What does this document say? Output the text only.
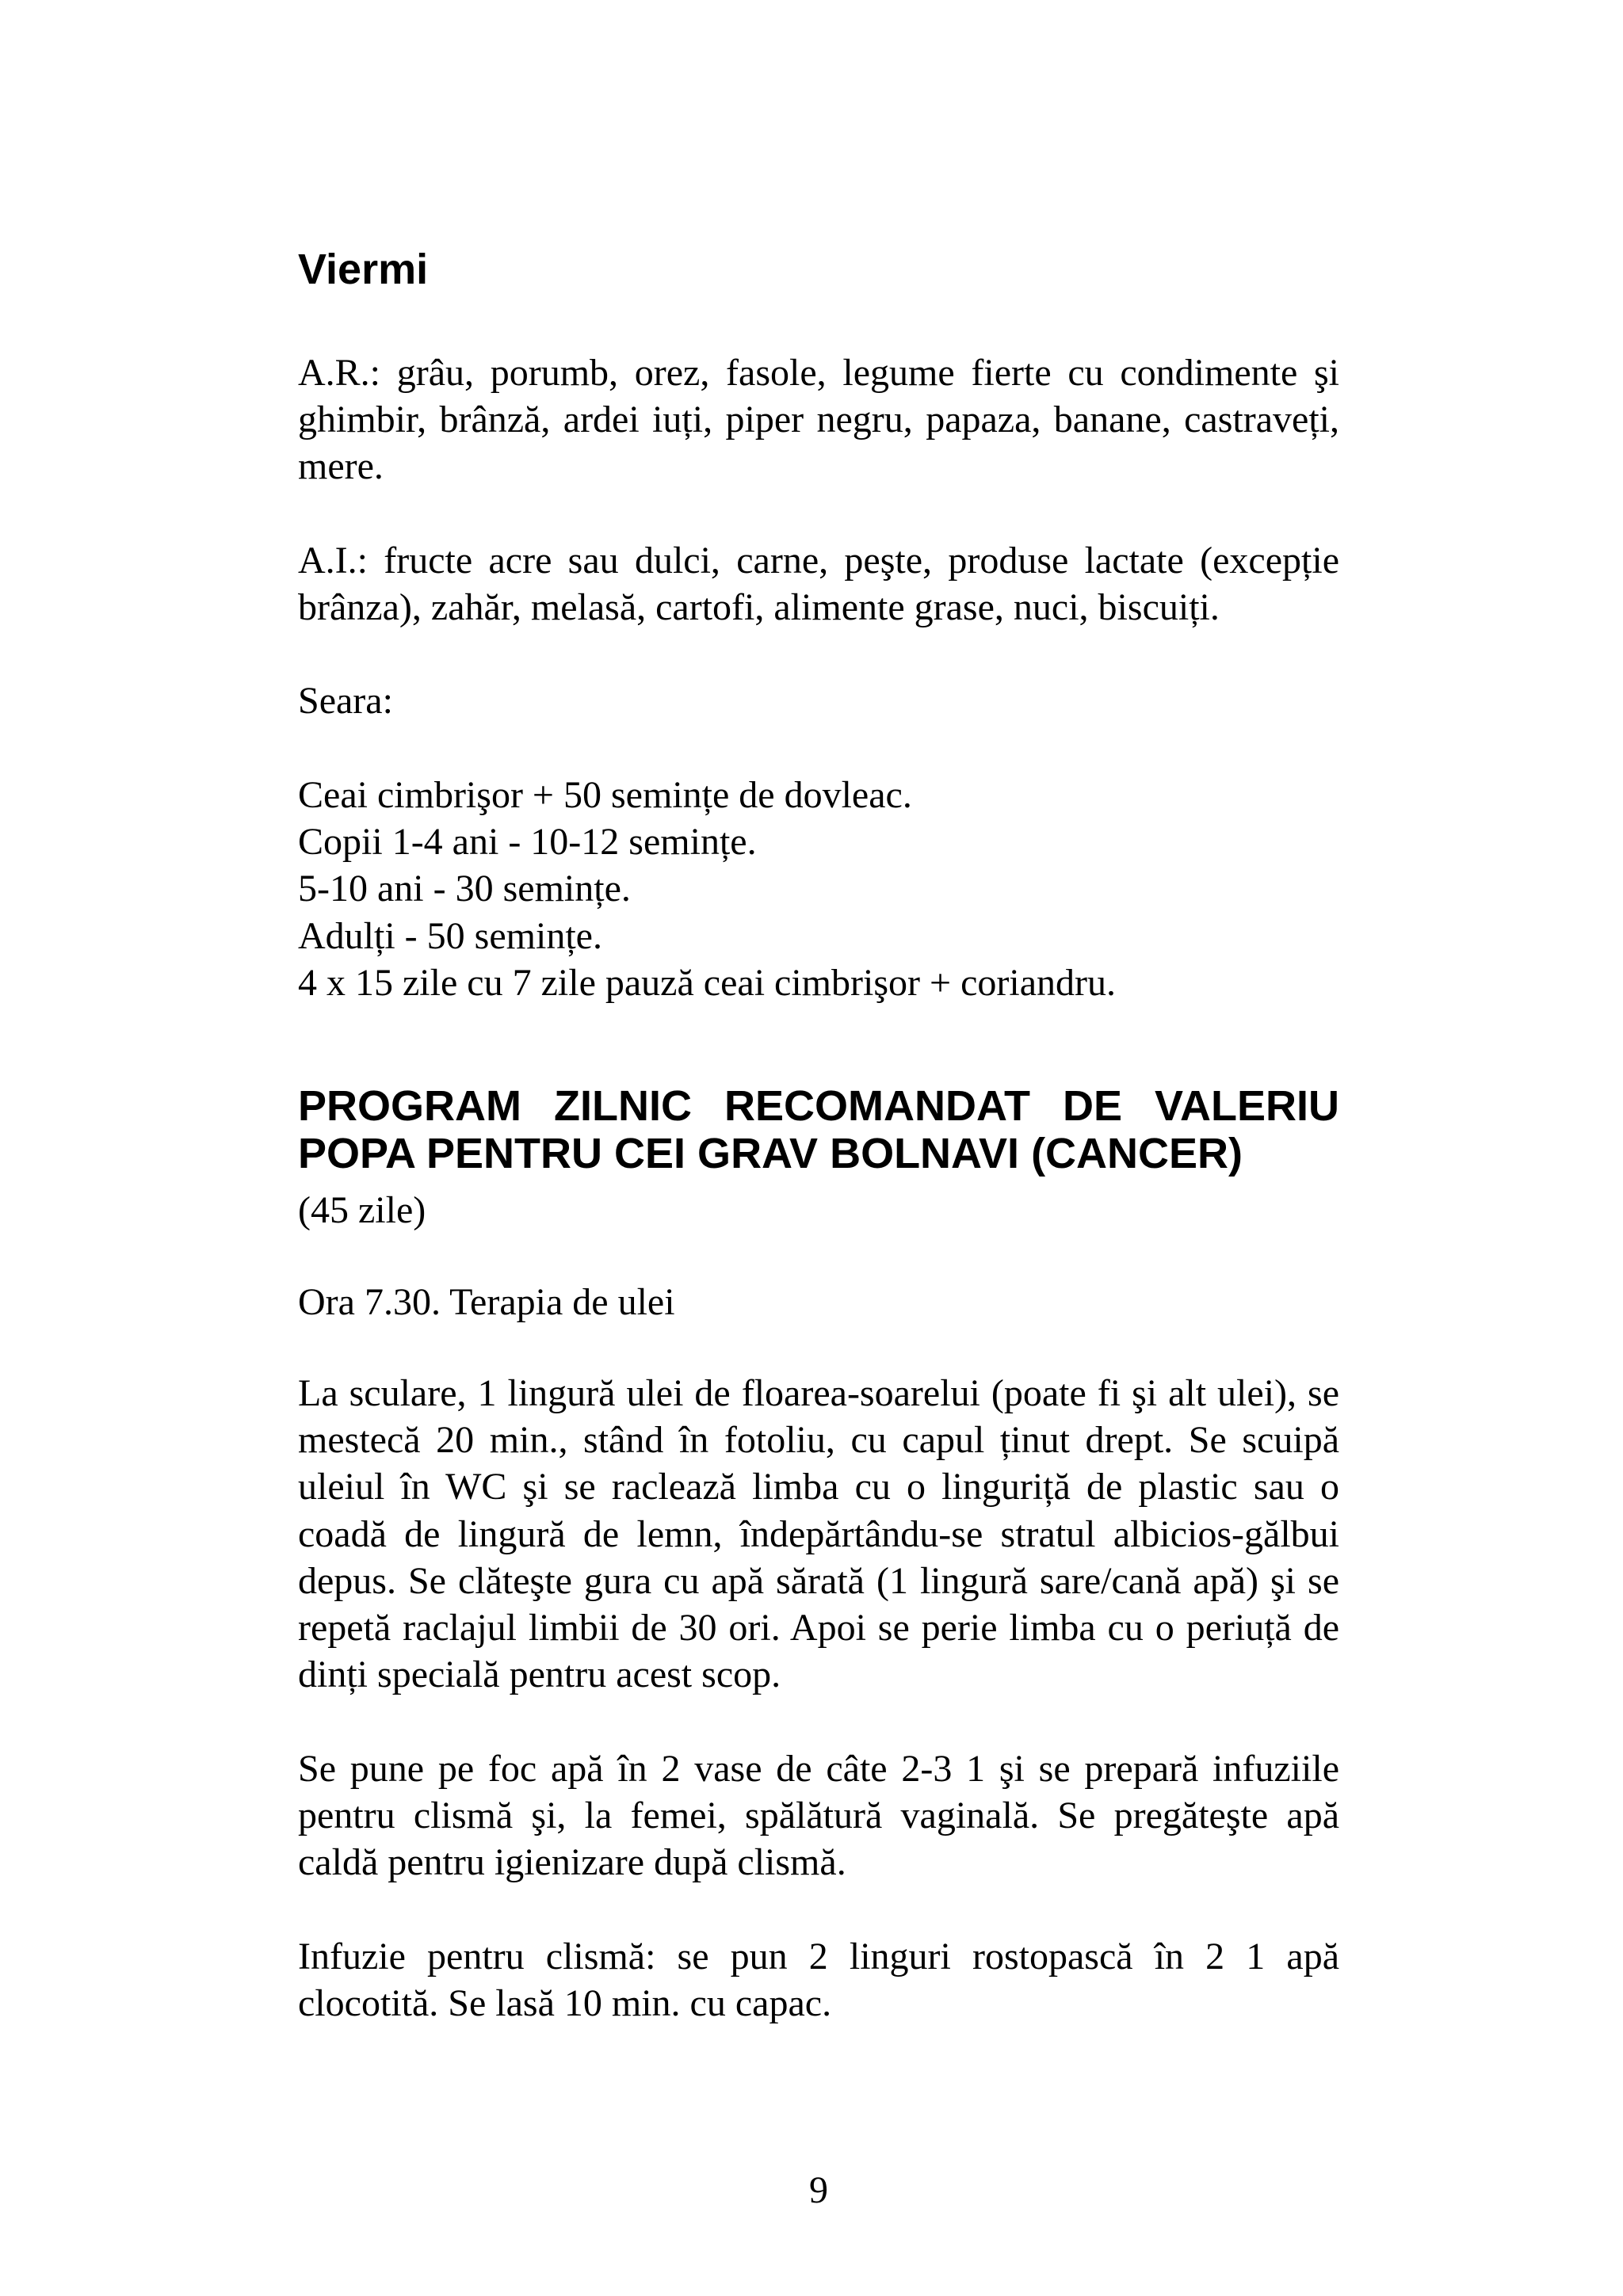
Viermi
A.R.: grâu, porumb, orez, fasole, legume fierte cu condimente şi
ghimbir, brânză, ardei iuți, piper negru, papaza, banane, castraveți,
mere.
A.I.: fructe acre sau dulci, carne, peşte, produse lactate (excepție
brânza), zahăr, melasă, cartofi, alimente grase, nuci, biscuiți.
Seara:
Ceai cimbrişor + 50 semințe de dovleac.
Copii 1-4 ani - 10-12 semințe.
5-10 ani - 30 semințe.
Adulți - 50 semințe.
4 x 15 zile cu 7 zile pauză ceai cimbrişor + coriandru.
PROGRAM ZILNIC RECOMANDAT DE VALERIU
POPA PENTRU CEI GRAV BOLNAVI (CANCER)
(45 zile)
Ora 7.30. Terapia de ulei
La sculare, 1 lingură ulei de floarea-soarelui (poate fi şi alt ulei), se
mestecă 20 min., stând în fotoliu, cu capul ținut drept. Se scuipă
uleiul în WC şi se raclează limba cu o linguriță de plastic sau o
coadă de lingură de lemn, îndepărtându-se stratul albicios-gălbui
depus. Se clăteşte gura cu apă sărată (1 lingură sare/cană apă) şi se
repetă raclajul limbii de 30 ori. Apoi se perie limba cu o periuță de
dinți specială pentru acest scop.
Se pune pe foc apă în 2 vase de câte 2-3 1 şi se prepară infuziile
pentru clismă şi, la femei, spălătură vaginală. Se pregăteşte apă
caldă pentru igienizare după clismă.
Infuzie pentru clismă: se pun 2 linguri rostopască în 2 1 apă
clocotită. Se lasă 10 min. cu capac.
9
